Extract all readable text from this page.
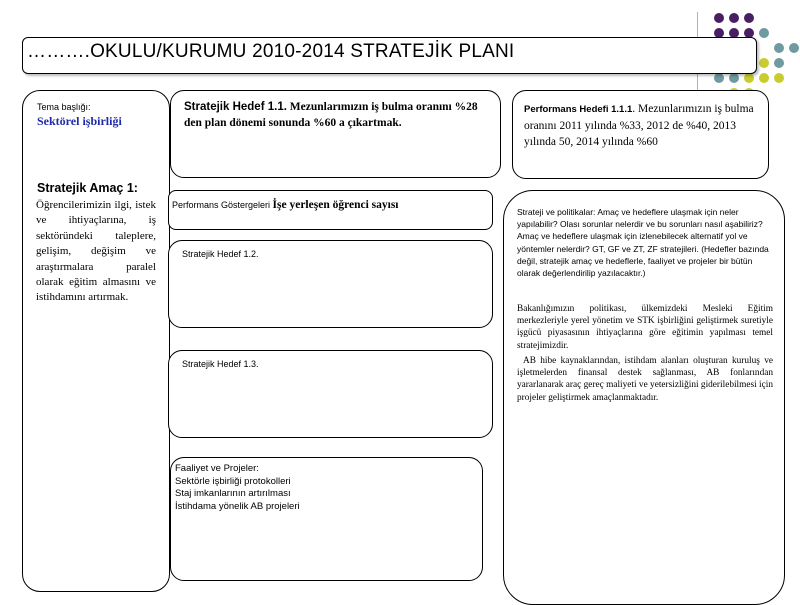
……….OKULU/KURUMU 2010-2014 STRATEJİK PLANI
Tema başlığı:
Sektörel işbirliği
Stratejik Amaç 1:
Öğrencilerimizin ilgi, istek ve ihtiyaçlarına, iş sektöründeki taleplere, gelişim, değişim ve araştırmalara paralel olarak eğitim almasını ve istihdamını artırmak.
Stratejik Hedef 1.1. Mezunlarımızın iş bulma oranını %28 den plan dönemi sonunda %60 a çıkartmak.
Performans Hedefi 1.1.1. Mezunlarımızın iş bulma oranını 2011 yılında %33, 2012 de %40, 2013 yılında 50, 2014 yılında %60
Performans Göstergeleri İşe yerleşen öğrenci sayısı
Stratejik Hedef 1.2.
Stratejik Hedef 1.3.
Faaliyet ve Projeler:
Sektörle işbirliği protokolleri
Staj imkanlarının artırılması
İstihdama yönelik AB projeleri
Strateji ve politikalar: Amaç ve hedeflere ulaşmak için neler yapılabilir? Olası sorunlar nelerdir ve bu sorunları nasıl aşabiliriz? Amaç ve hedeflere ulaşmak için izlenebilecek alternatif yol ve yöntemler nelerdir? GT, GF ve ZT, ZF stratejileri. (Hedefler bazında değil, stratejik amaç ve hedeflerle, faaliyet ve projeler bir bütün olarak değerlendirilip yazılacaktır.)
Bakanlığımızın politikası, ülkemizdeki Mesleki Eğitim merkezleriyle yerel yönetim ve STK işbirliğini geliştirmek suretiyle işgücü piyasasının ihtiyaçlarına göre eğitimin yapılması temel stratejimizdir.
AB hibe kaynaklarından, istihdam alanları oluşturan kuruluş ve işletmelerden finansal destek sağlanması, AB fonlarından yararlanarak araç gereç maliyeti ve yetersizliğini giderilebilmesi için projeler geliştirmek amaçlanmaktadır.
